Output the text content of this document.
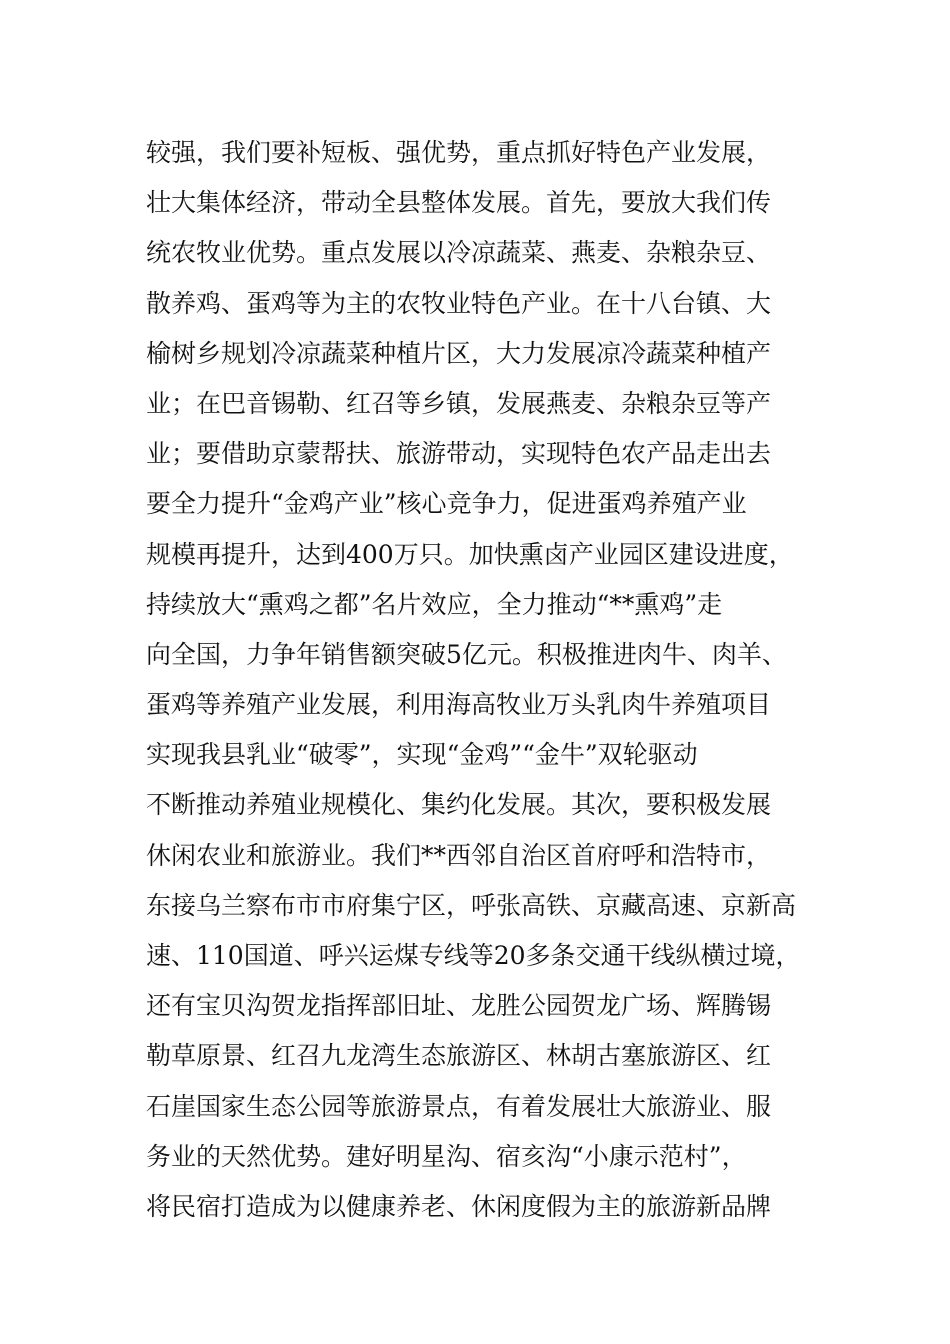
较强，我们要补短板、强优势，重点抓好特色产业发展，
壮大集体经济，带动全县整体发展。首先，要放大我们传
统农牧业优势。重点发展以冷凉蔬菜、燕麦、杂粮杂豆、
散养鸡、蛋鸡等为主的农牧业特色产业。在十八台镇、大
榆树乡规划冷凉蔬菜种植片区，大力发展凉冷蔬菜种植产
业；在巴音锡勒、红召等乡镇，发展燕麦、杂粮杂豆等产
业；要借助京蒙帮扶、旅游带动，实现特色农产品走出去
要全力提升“金鸡产业”核心竞争力，促进蛋鸡养殖产业
规模再提升，达到400万只。加快熏卤产业园区建设进度，
持续放大“熏鸡之都”名片效应，全力推动“**熏鸡”走
向全国，力争年销售额突破5亿元。积极推进肉牛、肉羊、
蛋鸡等养殖产业发展，利用海高牧业万头乳肉牛养殖项目
实现我县乳业“破零”，实现“金鸡”“金牛”双轮驱动
不断推动养殖业规模化、集约化发展。其次，要积极发展
休闲农业和旅游业。我们**西邻自治区首府呼和浩特市，
东接乌兰察布市市府集宁区，呼张高铁、京藏高速、京新高
速、110国道、呼兴运煤专线等20多条交通干线纵横过境，
还有宝贝沟贺龙指挥部旧址、龙胜公园贺龙广场、辉腾锡
勒草原景、红召九龙湾生态旅游区、林胡古塞旅游区、红
石崖国家生态公园等旅游景点，有着发展壮大旅游业、服
务业的天然优势。建好明星沟、宿亥沟“小康示范村”，
将民宿打造成为以健康养老、休闲度假为主的旅游新品牌
